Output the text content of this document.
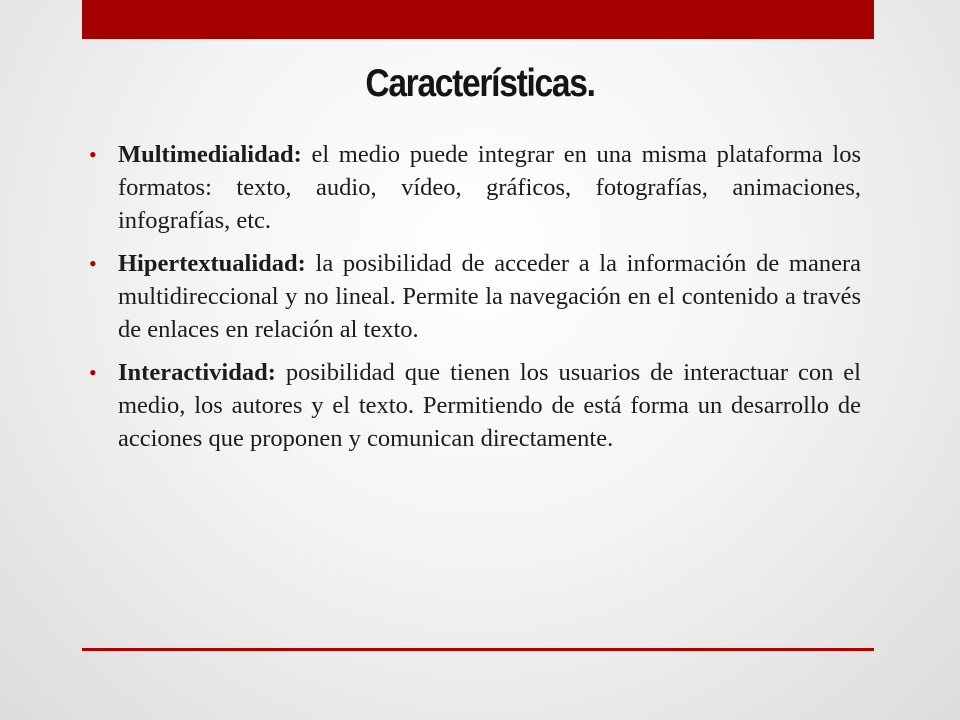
Características.
• Multimedialidad: el medio puede integrar en una misma plataforma los formatos: texto, audio, vídeo, gráficos, fotografías, animaciones, infografías, etc.
• Hipertextualidad: la posibilidad de acceder a la información de manera multidireccional y no lineal. Permite la navegación en el contenido a través de enlaces en relación al texto.
• Interactividad: posibilidad que tienen los usuarios de interactuar con el medio, los autores y el texto. Permitiendo de está forma un desarrollo de acciones que proponen y comunican directamente.
